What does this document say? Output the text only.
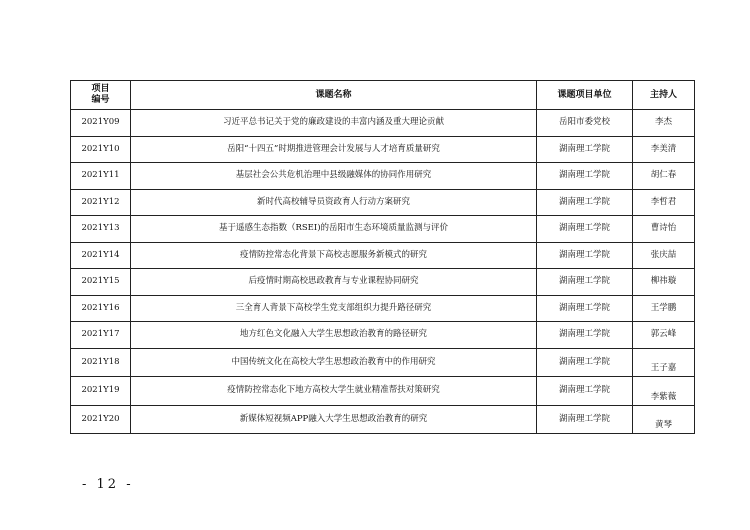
项目
编号	课题名称	课题项目单位	主持人
2021Y09	习近平总书记关于党的廉政建设的丰富内涵及重大理论贡献	岳阳市委党校	李杰
2021Y10	岳阳“十四五”时期推进管理会计发展与人才培育质量研究	湖南理工学院	李美清
2021Y11	基层社会公共危机治理中县级融媒体的协同作用研究	湖南理工学院	胡仁春
2021Y12	新时代高校辅导员资政育人行动方案研究	湖南理工学院	李哲君
2021Y13	基于遥感生态指数（RSEI)的岳阳市生态环境质量监测与评价	湖南理工学院	曹诗怡
2021Y14	疫情防控常态化背景下高校志愿服务新模式的研究	湖南理工学院	张庆喆
2021Y15	后疫情时期高校思政教育与专业课程协同研究	湖南理工学院	柳祎璇
2021Y16	三全育人背景下高校学生党支部组织力提升路径研究	湖南理工学院	王学鹏
2021Y17	地方红色文化融入大学生思想政治教育的路径研究	湖南理工学院	郭云峰
2021Y18	中国传统文化在高校大学生思想政治教育中的作用研究	湖南理工学院	王子嘉
2021Y19	疫情防控常态化下地方高校大学生就业精准帮扶对策研究	湖南理工学院	李紫薇
2021Y20	新媒体短视频APP融入大学生思想政治教育的研究	湖南理工学院	黄琴
- 12 -
